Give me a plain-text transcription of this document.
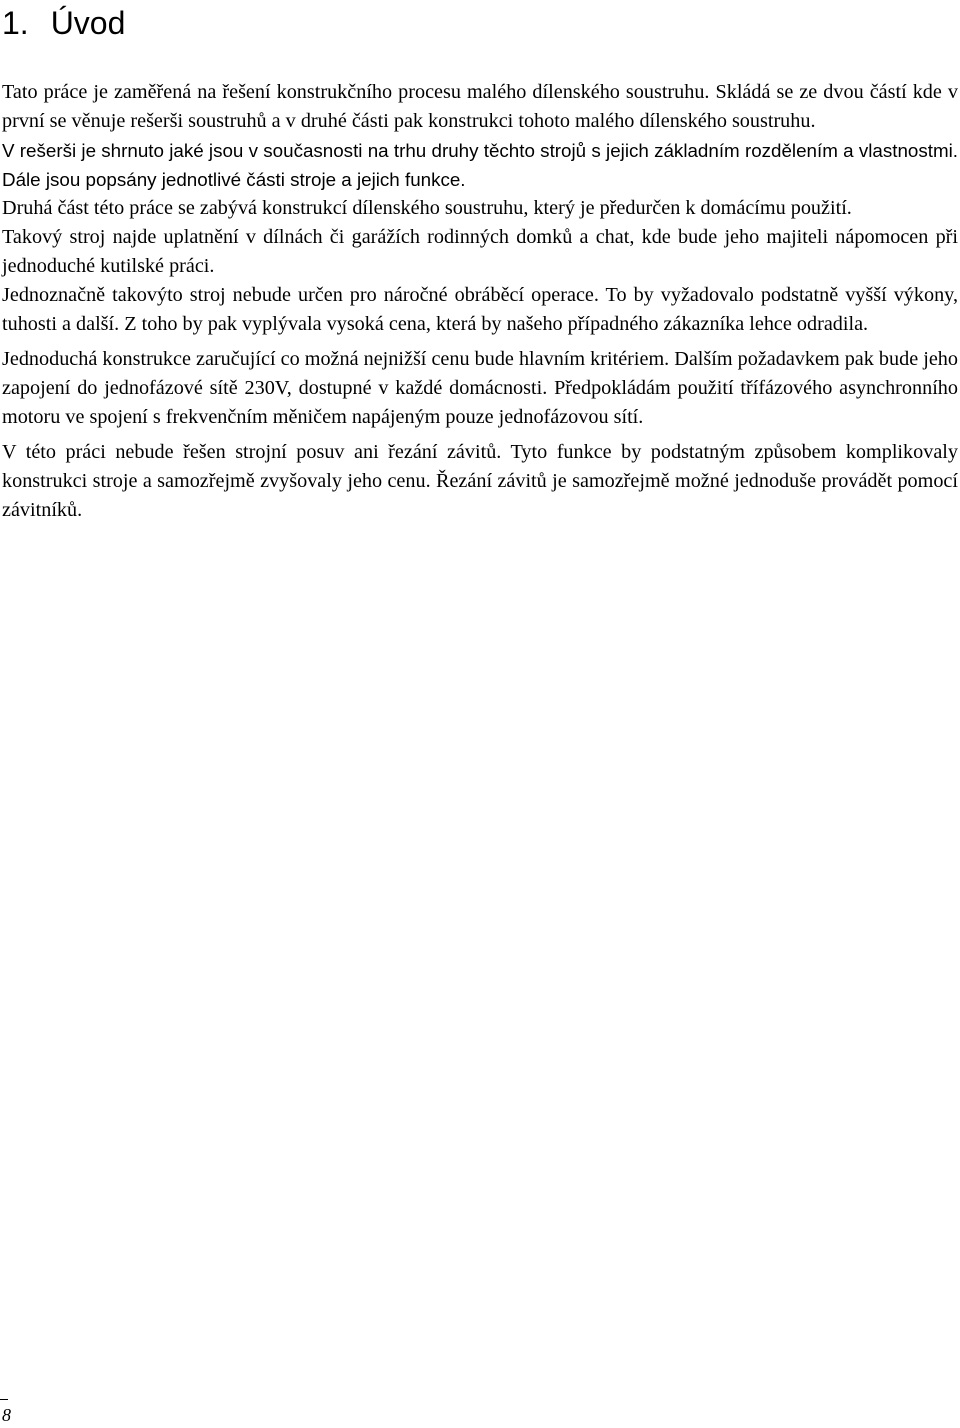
1. Úvod

Tato práce je zaměřená na řešení konstrukčního procesu malého dílenského soustruhu. Skládá se ze dvou částí kde v první se věnuje rešerši soustruhů a v druhé části pak konstrukci tohoto malého dílenského soustruhu.

V rešerši je shrnuto jaké jsou v současnosti na trhu druhy těchto strojů s jejich základním rozdělením a vlastnostmi. Dále jsou popsány jednotlivé části stroje a jejich funkce.

Druhá část této práce se zabývá konstrukcí dílenského soustruhu, který je předurčen k domácímu použití.

Takový stroj najde uplatnění v dílnách či garážích rodinných domků a chat, kde bude jeho majiteli nápomocen při jednoduché kutilské práci.

Jednoznačně takovýto stroj nebude určen pro náročné obráběcí operace. To by vyžadovalo podstatně vyšší výkony, tuhosti a další. Z toho by pak vyplývala vysoká cena, která by našeho případného zákazníka lehce odradila.

Jednoduchá konstrukce zaručující co možná nejnižší cenu bude hlavním kritériem. Dalším požadavkem pak bude jeho zapojení do jednofázové sítě 230V, dostupné v každé domácnosti. Předpokládám použití třífázového asynchronního motoru ve spojení s frekvenčním měničem napájeným pouze jednofázovou sítí.

V této práci nebude řešen strojní posuv ani řezání závitů. Tyto funkce by podstatným způsobem komplikovaly konstrukci stroje a samozřejmě zvyšovaly jeho cenu. Řezání závitů je samozřejmě možné jednoduše provádět pomocí závitníků.

8
